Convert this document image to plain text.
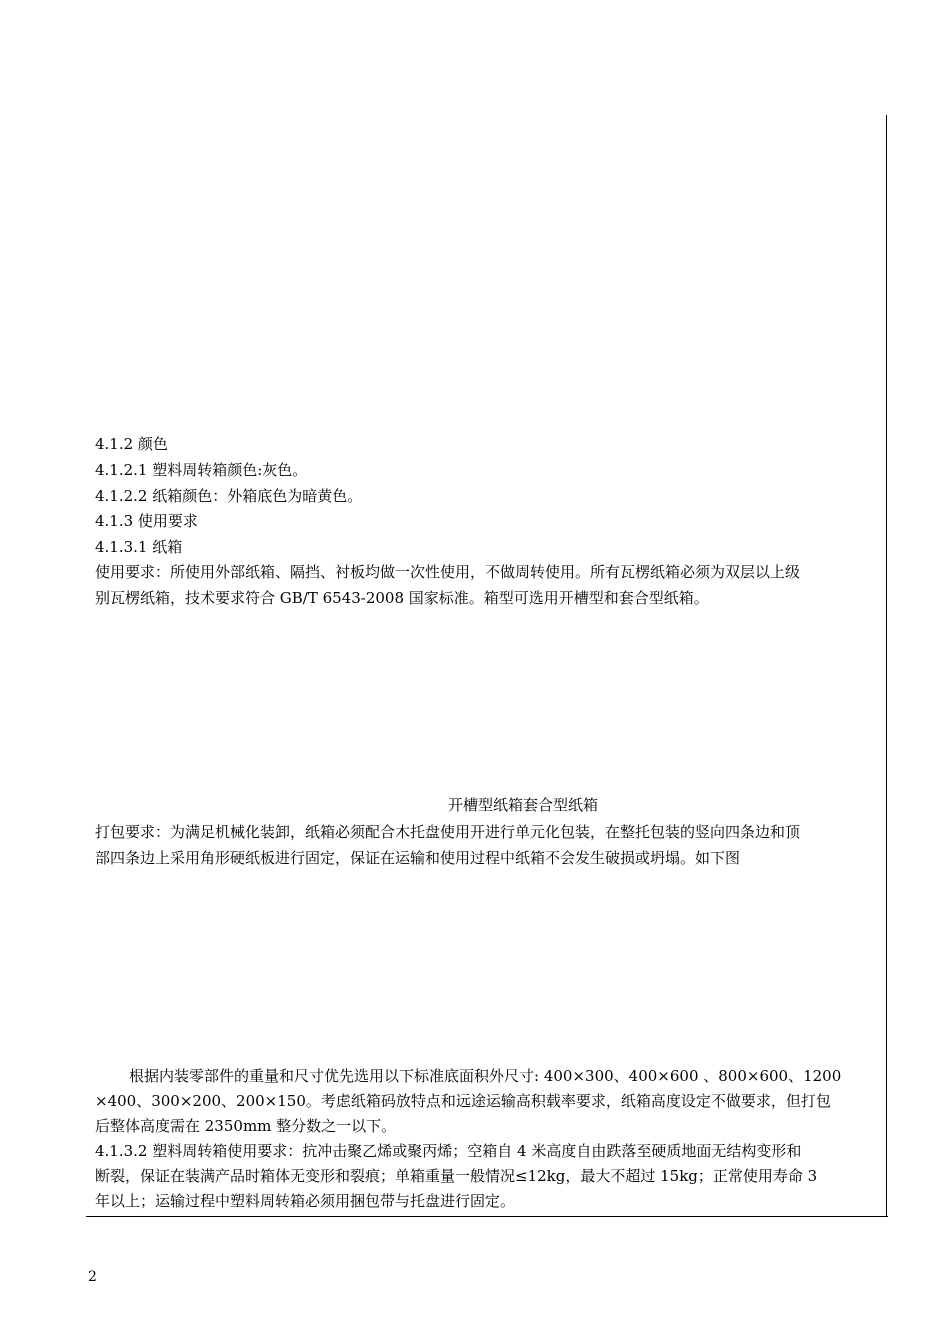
4.1.2 颜色
4.1.2.1 塑料周转箱颜色:灰色。
4.1.2.2 纸箱颜色：外箱底色为暗黄色。
4.1.3 使用要求
4.1.3.1 纸箱
使用要求：所使用外部纸箱、隔挡、衬板均做一次性使用，不做周转使用。所有瓦楞纸箱必须为双层以上级
别瓦楞纸箱，技术要求符合 GB/T 6543-2008 国家标准。箱型可选用开槽型和套合型纸箱。
开槽型纸箱套合型纸箱
打包要求：为满足机械化装卸，纸箱必须配合木托盘使用开进行单元化包装，在整托包装的竖向四条边和顶
部四条边上采用角形硬纸板进行固定，保证在运输和使用过程中纸箱不会发生破损或坍塌。如下图
根据内装零部件的重量和尺寸优先选用以下标准底面积外尺寸: 400×300、400×600 、800×600、1200
×400、300×200、200×150。考虑纸箱码放特点和远途运输高积载率要求，纸箱高度设定不做要求，但打包
后整体高度需在 2350mm 整分数之一以下。
4.1.3.2 塑料周转箱使用要求：抗冲击聚乙烯或聚丙烯；空箱自 4 米高度自由跌落至硬质地面无结构变形和
断裂，保证在装满产品时箱体无变形和裂痕；单箱重量一般情况≤12kg，最大不超过 15kg；正常使用寿命 3
年以上；运输过程中塑料周转箱必须用捆包带与托盘进行固定。
2
